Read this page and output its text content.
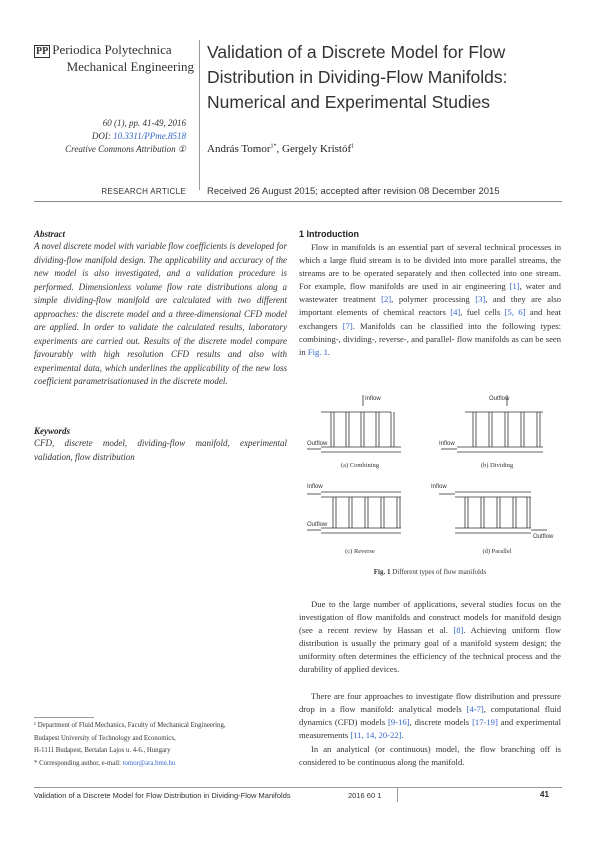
PP Periodica Polytechnica
Mechanical Engineering
Validation of a Discrete Model for Flow Distribution in Dividing-Flow Manifolds: Numerical and Experimental Studies
60 (1), pp. 41-49, 2016
DOI: 10.3311/PPme.8518
Creative Commons Attribution ① András Tomor$^{1*}$, Gergely Kristóf$^1$
RESEARCH ARTICLE Received 26 August 2015; accepted after revision 08 December 2015
Abstract
A novel discrete model with variable flow coefficients is developed for dividing-flow manifold design. The applicability and accuracy of the new model is also investigated, and a validation procedure is performed. Dimensionless volume flow rate distributions along a simple dividing-flow manifold are calculated with two different approaches: the discrete model and a three-dimensional CFD model are applied. In order to validate the calculated results, laboratory experiments are carried out. Results of the discrete model compare favourably with high resolution CFD results and also with experimental data, which underlines the applicability of the new loss coefficient parametrisationused in the discrete model.
Keywords
CFD, discrete model, dividing-flow manifold, experimental validation, flow distribution
¹ Department of Fluid Mechanics, Faculty of Mechanical Engineering,
Budapest University of Technology and Economics,
H-1111 Budapest, Bertalan Lajos u. 4-6., Hungary
* Corresponding author, e-mail: tomor@ara.bme.hu
1 Introduction
Flow in manifolds is an essential part of several technical processes in which a large fluid stream is to be divided into more parallel streams, the streams are to be operated separately and then collected into one stream. For example, flow manifolds are used in air engineering [1], water and wastewater treatment [2], polymer processing [3], and they are also important elements of chemical reactors [4], fuel cells [5, 6] and heat exchangers [7]. Manifolds can be classified into the following types: combining-, dividing-, reverse-, and parallel- flow manifolds as can be seen in Fig. 1.
Inflow
Outflow
(a) Combining
Outflow
Inflow
(b) Dividing
Inflow
Outflow
(c) Reverse
Inflow
Outflow
(d) Parallel
Fig. 1 Different types of flow manifolds
Due to the large number of applications, several studies focus on the investigation of flow manifolds and construct models for manifold design (see a recent review by Hassan et al. [8]. Achieving uniform flow distribution is usually the primary goal of a manifold system design; the uniformity often determines the efficiency of the technical process and the durability of applied devices.
There are four approaches to investigate flow distribution and pressure drop in a flow manifold: analytical models [4-7], computational fluid dynamics (CFD) models [9-16], discrete models [17-19] and experimental measurements [11, 14, 20-22].
In an analytical (or continuous) model, the flow branching off is considered to be continuous along the manifold.
Validation of a Discrete Model for Flow Distribution in Dividing-Flow Manifolds	2016 60 1	41
